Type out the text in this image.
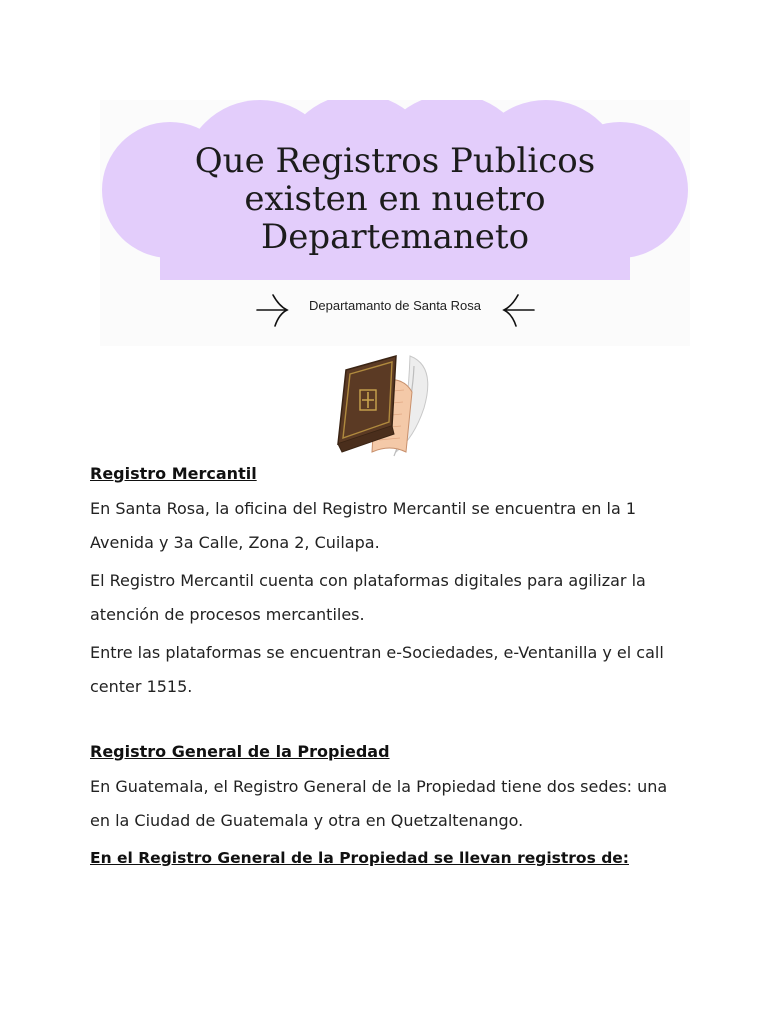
Que Registros Publicos
existen en nuetro
Departemaneto
Departamanto de Santa Rosa
Registro Mercantil

En Santa Rosa, la oficina del Registro Mercantil se encuentra en la 1 Avenida y 3a Calle, Zona 2, Cuilapa.

El Registro Mercantil cuenta con plataformas digitales para agilizar la atención de procesos mercantiles.

Entre las plataformas se encuentran e-Sociedades, e-Ventanilla y el call center 1515.

Registro General de la Propiedad

En Guatemala, el Registro General de la Propiedad tiene dos sedes: una en la Ciudad de Guatemala y otra en Quetzaltenango.

En el Registro General de la Propiedad se llevan registros de:
